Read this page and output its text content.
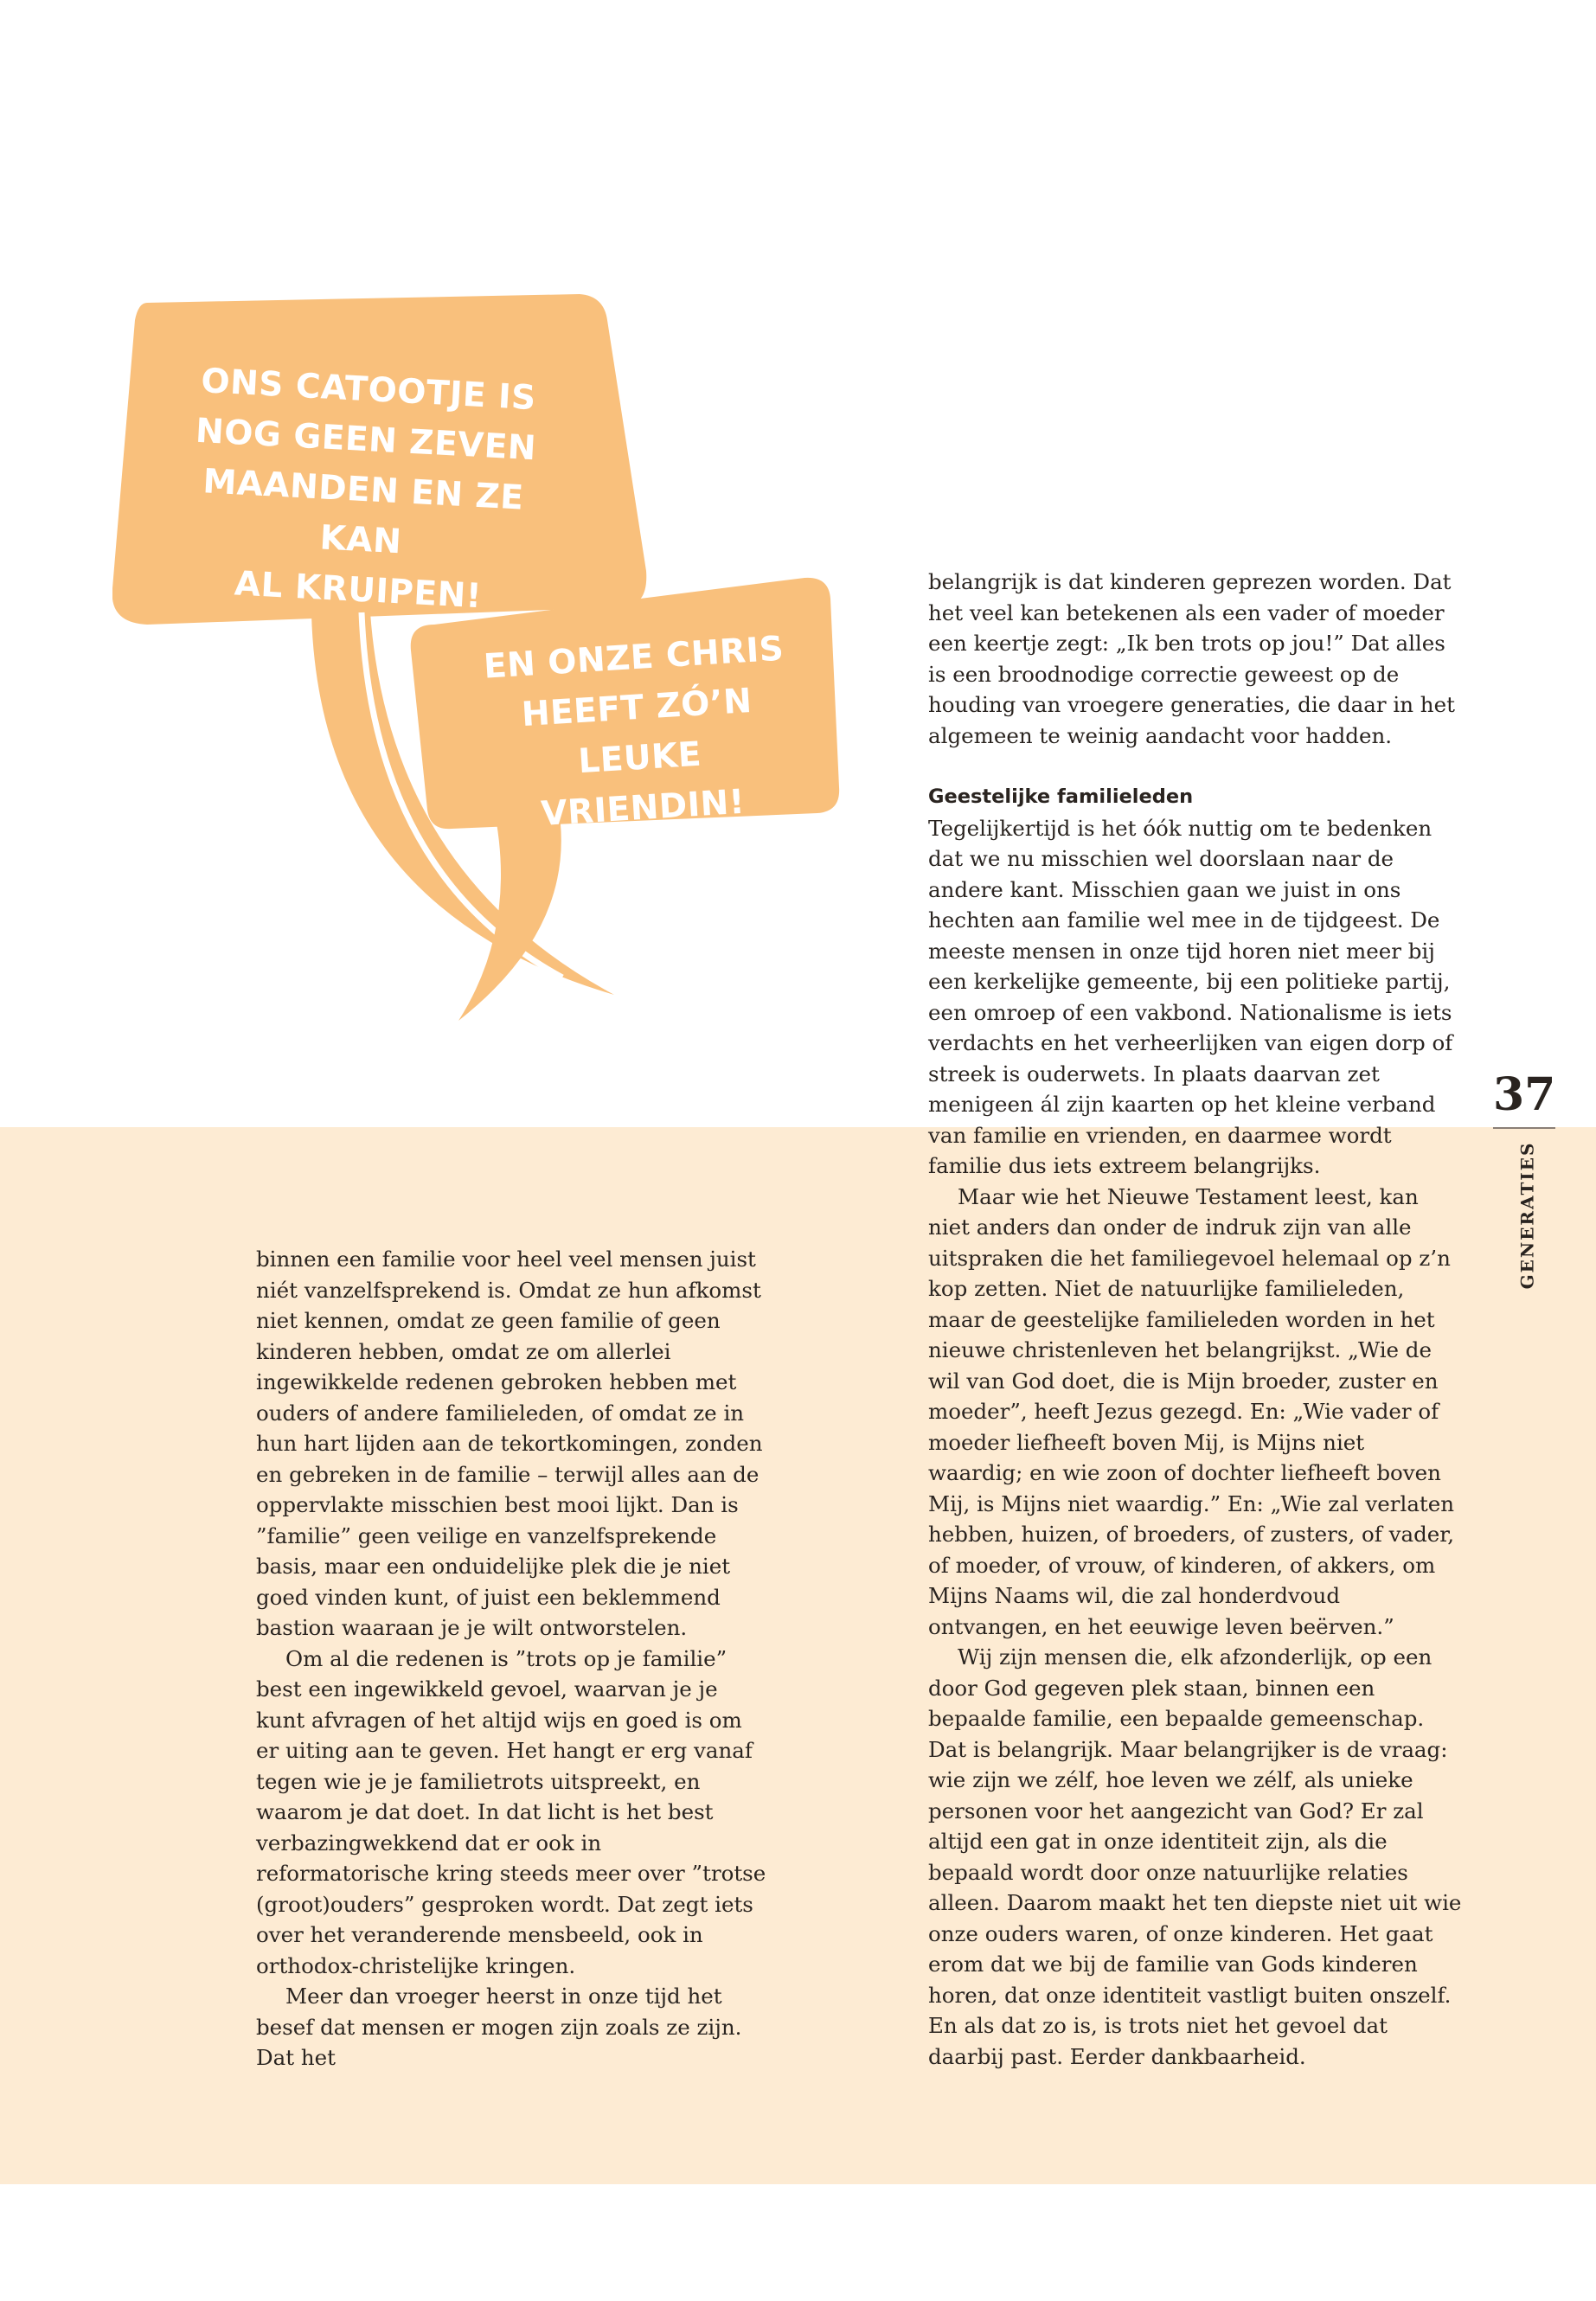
ONS CATOOTJE IS
NOG GEEN ZEVEN
MAANDEN EN ZE KAN
AL KRUIPEN!
EN ONZE CHRIS
HEEFT ZÓ’N
LEUKE VRIENDIN!

binnen een familie voor heel veel mensen juist niét vanzelfsprekend is. Omdat ze hun afkomst niet kennen, omdat ze geen familie of geen kinderen hebben, omdat ze om allerlei ingewikkelde redenen gebroken hebben met ouders of andere familieleden, of omdat ze in hun hart lijden aan de tekortkomingen, zonden en gebreken in de familie – terwijl alles aan de oppervlakte misschien best mooi lijkt. Dan is ”familie” geen veilige en vanzelfsprekende basis, maar een onduidelijke plek die je niet goed vinden kunt, of juist een beklemmend bastion waaraan je je wilt ontworstelen.

Om al die redenen is ”trots op je familie” best een ingewikkeld gevoel, waarvan je je kunt afvragen of het altijd wijs en goed is om er uiting aan te geven. Het hangt er erg vanaf tegen wie je je familietrots uitspreekt, en waarom je dat doet. In dat licht is het best verbazingwekkend dat er ook in reformatorische kring steeds meer over ”trotse (groot)ouders” gesproken wordt. Dat zegt iets over het veranderende mensbeeld, ook in orthodox-christelijke kringen.

Meer dan vroeger heerst in onze tijd het besef dat mensen er mogen zijn zoals ze zijn. Dat het

belangrijk is dat kinderen geprezen worden. Dat het veel kan betekenen als een vader of moeder een keertje zegt: „Ik ben trots op jou!” Dat alles is een broodnodige correctie geweest op de houding van vroegere generaties, die daar in het algemeen te weinig aandacht voor hadden.

Geestelijke familieleden

Tegelijkertijd is het óók nuttig om te bedenken dat we nu misschien wel doorslaan naar de andere kant. Misschien gaan we juist in ons hechten aan familie wel mee in de tijdgeest. De meeste mensen in onze tijd horen niet meer bij een kerkelijke gemeente, bij een politieke partij, een omroep of een vakbond. Nationalisme is iets verdachts en het verheerlijken van eigen dorp of streek is ouderwets. In plaats daarvan zet menigeen ál zijn kaarten op het kleine verband van familie en vrienden, en daarmee wordt familie dus iets extreem belangrijks.

Maar wie het Nieuwe Testament leest, kan niet anders dan onder de indruk zijn van alle uitspraken die het familiegevoel helemaal op z’n kop zetten. Niet de natuurlijke familieleden, maar de geestelijke familieleden worden in het nieuwe christenleven het belangrijkst. „Wie de wil van God doet, die is Mijn broeder, zuster en moeder”, heeft Jezus gezegd. En: „Wie vader of moeder liefheeft boven Mij, is Mijns niet waardig; en wie zoon of dochter liefheeft boven Mij, is Mijns niet waardig.” En: „Wie zal verlaten hebben, huizen, of broeders, of zusters, of vader, of moeder, of vrouw, of kinderen, of akkers, om Mijns Naams wil, die zal honderdvoud ontvangen, en het eeuwige leven beërven.”

Wij zijn mensen die, elk afzonderlijk, op een door God gegeven plek staan, binnen een bepaalde familie, een bepaalde gemeenschap. Dat is belangrijk. Maar belangrijker is de vraag: wie zijn we zélf, hoe leven we zélf, als unieke personen voor het aangezicht van God? Er zal altijd een gat in onze identiteit zijn, als die bepaald wordt door onze natuurlijke relaties alleen. Daarom maakt het ten diepste niet uit wie onze ouders waren, of onze kinderen. Het gaat erom dat we bij de familie van Gods kinderen horen, dat onze identiteit vastligt buiten onszelf. En als dat zo is, is trots niet het gevoel dat daarbij past. Eerder dankbaarheid.

37
GENERATIES
